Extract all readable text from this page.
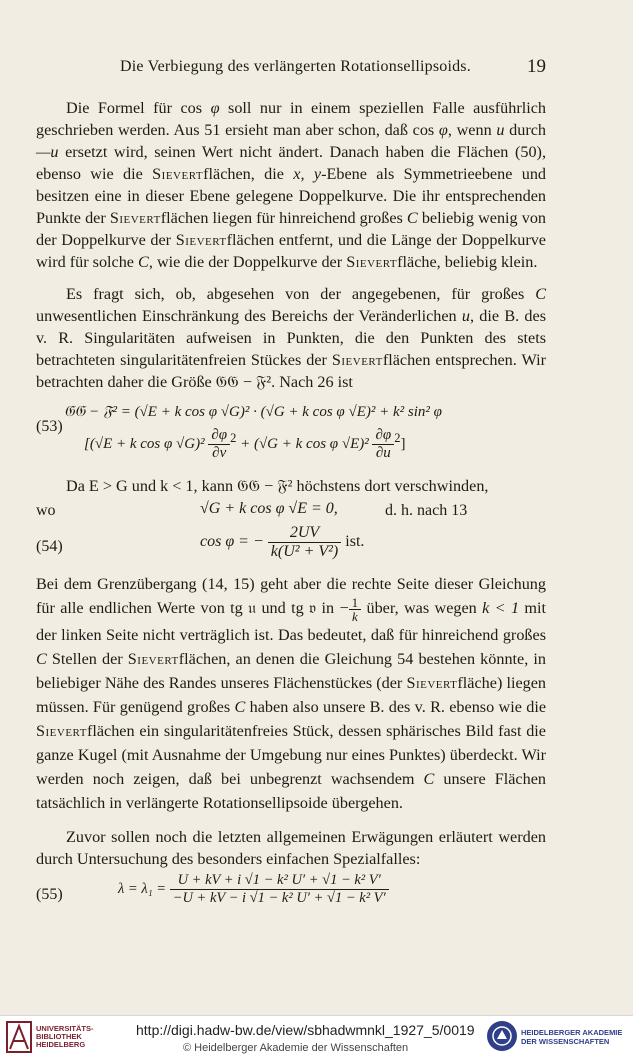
Die Verbiegung des verlängerten Rotationsellipsoids.	19

Die Formel für cos φ soll nur in einem speziellen Falle ausführlich geschrieben werden. Aus 51 ersieht man aber schon, daß cos φ, wenn u durch —u ersetzt wird, seinen Wert nicht ändert. Danach haben die Flächen (50), ebenso wie die Sievertflächen, die x, y-Ebene als Symmetrieebene und besitzen eine in dieser Ebene gelegene Doppelkurve. Die ihr entsprechenden Punkte der Sievertflächen liegen für hinreichend großes C beliebig wenig von der Doppelkurve der Sievertflächen entfernt, und die Länge der Doppelkurve wird für solche C, wie die der Doppelkurve der Sievertfläche, beliebig klein.

Es fragt sich, ob, abgesehen von der angegebenen, für großes C unwesentlichen Einschränkung des Bereichs der Veränderlichen u, die B. des v. R. Singularitäten aufweisen in Punkten, die den Punkten des stets betrachteten singularitätenfreien Stückes der Sievertflächen entsprechen. Wir betrachten daher die Größe 𝔊𝔊 − 𝔉². Nach 26 ist

𝔊𝔊 − 𝔉² = (√E + k cos φ √G)² · (√G + k cos φ √E)² + k² sin² φ
(53)
[(√E + k cos φ $√G)^2 \frac{\partial\varphi}{\partial v} ^2 + (√G + k$ cos φ $√E)^2 \frac{\partial\varphi}{\partial u} ^2$]

Da E > G und k < 1, kann 𝔊𝔊 − 𝔉² höchstens dort verschwinden,

wo	√G + k cos φ √E = 0,	d. h. nach 13
(54)	cos φ = − $\frac{2UV}{\text{k(U² + V²)}}$ ist.

Bei dem Grenzübergang (14, 15) geht aber die rechte Seite dieser Gleichung für alle endlichen Werte von tg 𝔲 und tg 𝔳 in − $\frac{1}{k}$ über, was wegen k < 1 mit der linken Seite nicht verträglich ist. Das bedeutet, daß für hinreichend großes C Stellen der Sievertflächen, an denen die Gleichung 54 bestehen könnte, in beliebiger Nähe des Randes unseres Flächenstückes (der Sievertfläche) liegen müssen. Für genügend großes C haben also unsere B. des v. R. ebenso wie die Sievertflächen ein singularitätenfreies Stück, dessen sphärisches Bild fast die ganze Kugel (mit Ausnahme der Umgebung nur eines Punktes) überdeckt. Wir werden noch zeigen, daß bei unbegrenzt wachsendem C unsere Flächen tatsächlich in verlängerte Rotationsellipsoide übergehen.

Zuvor sollen noch die letzten allgemeinen Erwägungen erläutert werden durch Untersuchung des besonders einfachen Spezialfalles:

(55)	$\lambda = \lambda_1 = \frac{\text{U + kV + i √1 − k² U′ + √1 − k² V′}}{\text{−U + kV − i √1 − k² U′ + √1 − k² V′}}$
UNIVERSITÄTS-
BIBLIOTHEK
HEIDELBERG
http://digi.hadw-bw.de/view/sbhadwmnkl_1927_5/0019
© Heidelberger Akademie der Wissenschaften
HEIDELBERGER AKADEMIE
DER WISSENSCHAFTEN
